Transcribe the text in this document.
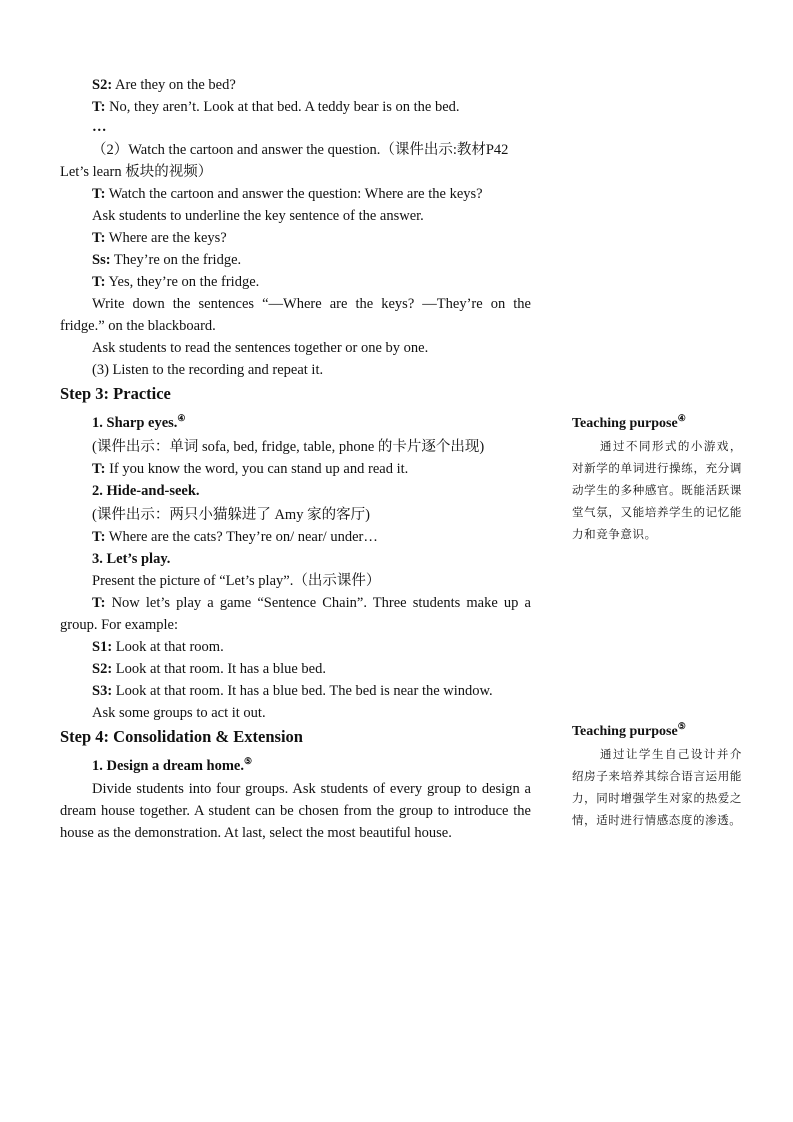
S2: Are they on the bed?
T: No, they aren’t. Look at that bed. A teddy bear is on the bed.
…
（2）Watch the cartoon and answer the question.（课件出示:教材P42 Let’s learn 板块的视频）
T: Watch the cartoon and answer the question: Where are the keys?
Ask students to underline the key sentence of the answer.
T: Where are the keys?
Ss: They’re on the fridge.
T: Yes, they’re on the fridge.
Write down the sentences “—Where are the keys? —They’re on the fridge.” on the blackboard.
Ask students to read the sentences together or one by one.
(3) Listen to the recording and repeat it.
Step 3: Practice
1. Sharp eyes.④
(课件出示：单词 sofa, bed, fridge, table, phone 的卡片逐个出现)
T: If you know the word, you can stand up and read it.
2. Hide-and-seek.
(课件出示：两只小猫躲进了 Amy 家的客厅)
T: Where are the cats? They’re on/ near/ under…
3. Let’s play.
Present the picture of “Let’s play”.（出示课件）
T: Now let’s play a game “Sentence Chain”. Three students make up a group. For example:
S1: Look at that room.
S2: Look at that room. It has a blue bed.
S3: Look at that room. It has a blue bed. The bed is near the window.
Ask some groups to act it out.
Step 4: Consolidation & Extension
1. Design a dream home.⑤
Divide students into four groups. Ask students of every group to design a dream house together. A student can be chosen from the group to introduce the house as the demonstration. At last, select the most beautiful house.
Teaching purpose④
通过不同形式的小游戏，对新学的单词进行操练，充分调动学生的多种感官。既能活跃课堂气氛，又能培养学生的记忆能力和竞争意识。
Teaching purpose⑤
通过让学生自己设计并介绍房子来培养其综合语言运用能力，同时增强学生对家的热爱之情，适时进行情感态度的渗透。
